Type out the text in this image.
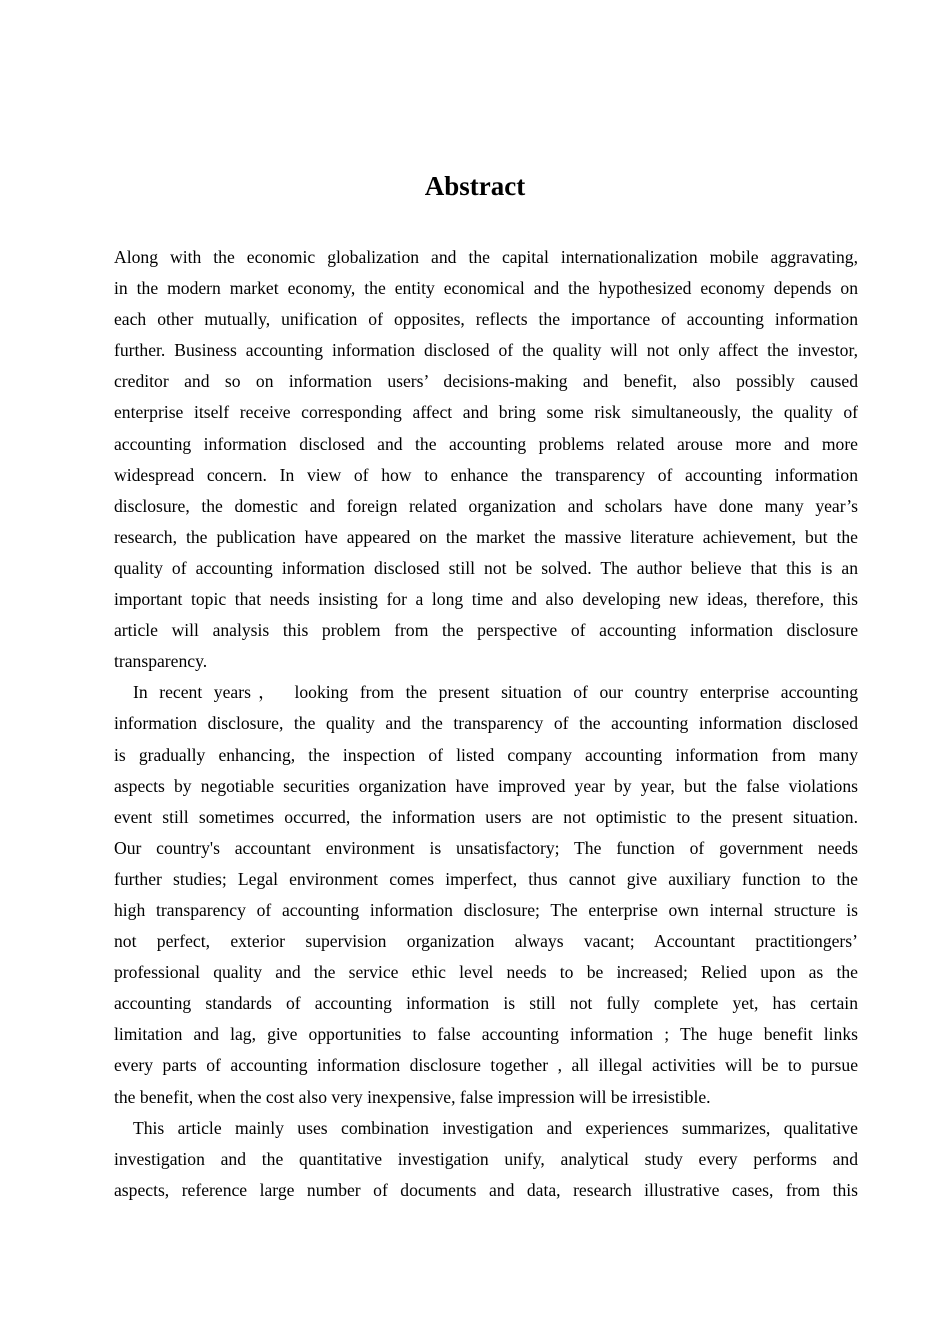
Abstract
Along with the economic globalization and the capital internationalization mobile aggravating,
in the modern market economy, the entity economical and the hypothesized economy depends on
each other mutually, unification of opposites, reflects the importance of accounting information
further. Business accounting information disclosed of the quality will not only affect the investor,
creditor and so on information users’ decisions-making and benefit, also possibly caused
enterprise itself receive corresponding affect and bring some risk simultaneously, the quality of
accounting information disclosed and the accounting problems related arouse more and more
widespread concern. In view of how to enhance the transparency of accounting information
disclosure, the domestic and foreign related organization and scholars have done many year’s
research, the publication have appeared on the market the massive literature achievement, but the
quality of accounting information disclosed still not be solved. The author believe that this is an
important topic that needs insisting for a long time and also developing new ideas, therefore, this
article will analysis this problem from the perspective of accounting information disclosure
transparency.
In recent years， looking from the present situation of our country enterprise accounting
information disclosure, the quality and the transparency of the accounting information disclosed
is gradually enhancing, the inspection of listed company accounting information from many
aspects by negotiable securities organization have improved year by year, but the false violations
event still sometimes occurred, the information users are not optimistic to the present situation.
Our country's accountant environment is unsatisfactory; The function of government needs
further studies; Legal environment comes imperfect, thus cannot give auxiliary function to the
high transparency of accounting information disclosure; The enterprise own internal structure is
not perfect, exterior supervision organization always vacant; Accountant practitiongers’
professional quality and the service ethic level needs to be increased; Relied upon as the
accounting standards of accounting information is still not fully complete yet, has certain
limitation and lag, give opportunities to false accounting information ; The huge benefit links
every parts of accounting information disclosure together , all illegal activities will be to pursue
the benefit, when the cost also very inexpensive, false impression will be irresistible.
This article mainly uses combination investigation and experiences summarizes, qualitative
investigation and the quantitative investigation unify, analytical study every performs and
aspects, reference large number of documents and data, research illustrative cases, from this
